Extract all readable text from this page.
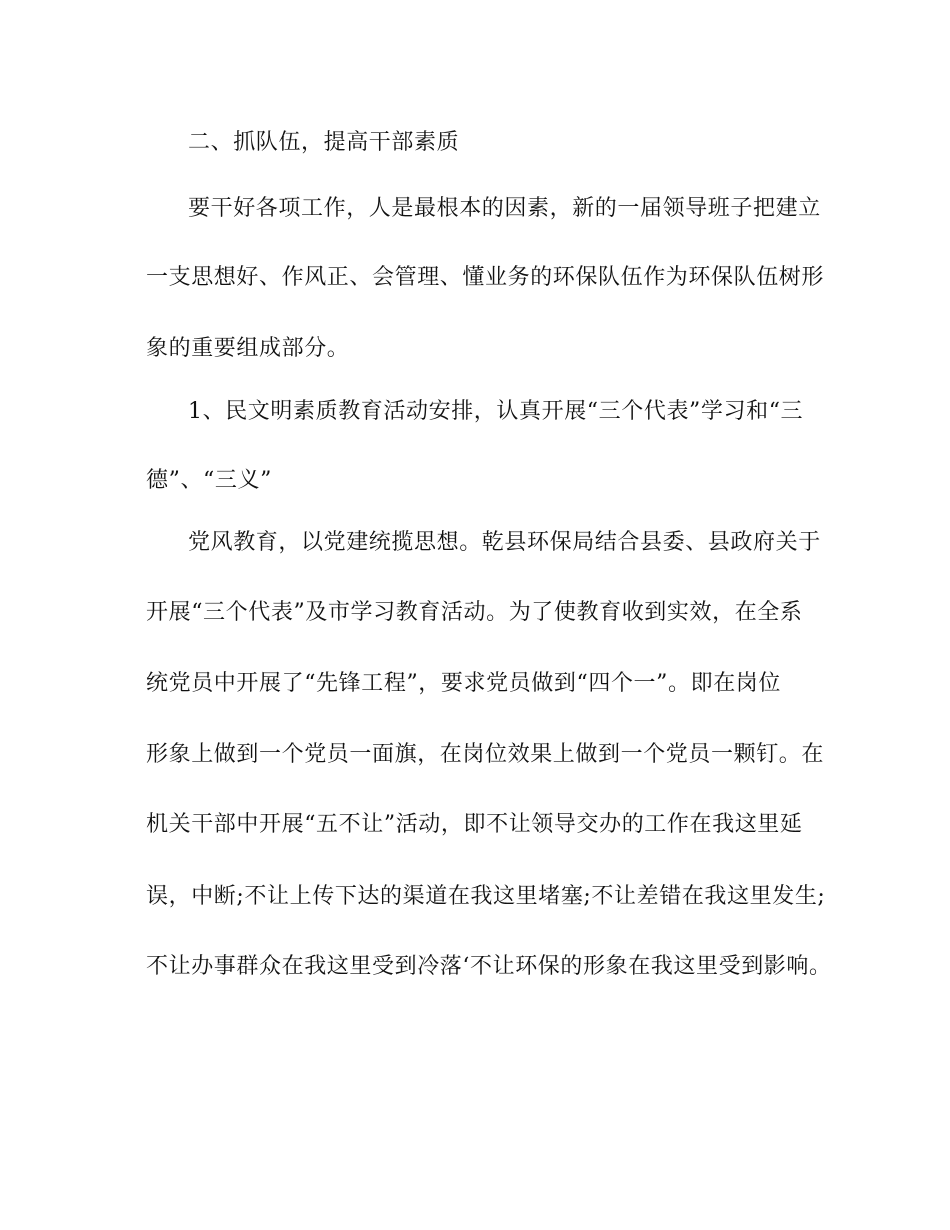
二、抓队伍，提高干部素质
要干好各项工作，人是最根本的因素，新的一届领导班子把建立
一支思想好、作风正、会管理、懂业务的环保队伍作为环保队伍树形
象的重要组成部分。
1、民文明素质教育活动安排，认真开展“三个代表”学习和“三
德”、“三义”
党风教育，以党建统揽思想。乾县环保局结合县委、县政府关于
开展“三个代表”及市学习教育活动。为了使教育收到实效，在全系
统党员中开展了“先锋工程”，要求党员做到“四个一”。即在岗位
形象上做到一个党员一面旗，在岗位效果上做到一个党员一颗钉。在
机关干部中开展“五不让”活动，即不让领导交办的工作在我这里延
误，中断;不让上传下达的渠道在我这里堵塞;不让差错在我这里发生;
不让办事群众在我这里受到冷落‘不让环保的形象在我这里受到影响。
